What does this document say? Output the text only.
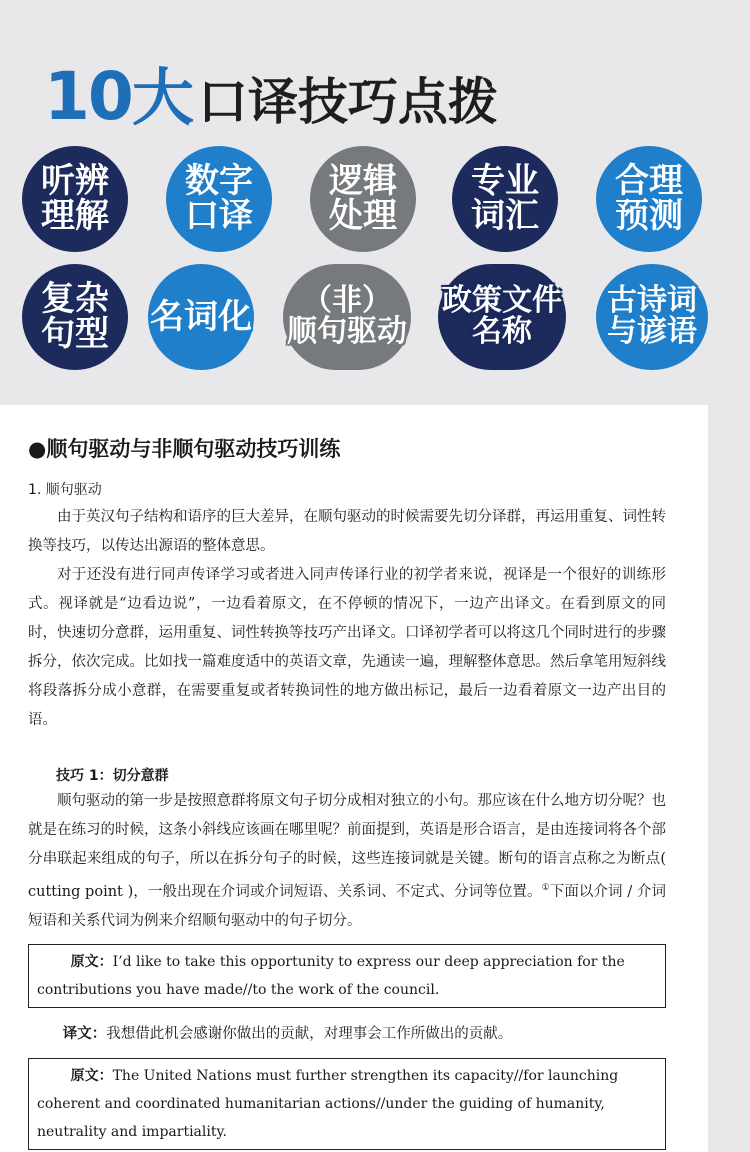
10 大 口译技巧点拨
听辨
理解
数字
口译
逻辑
处理
专业
词汇
合理
预测
复杂
句型 名词化 （非）
顺句驱动
政策文件
名称
古诗词
与谚语
●顺句驱动与非顺句驱动技巧训练
1. 顺句驱动

由于英汉句子结构和语序的巨大差异，在顺句驱动的时候需要先切分译群，再运用重复、词性转换等技巧，以传达出源语的整体意思。

对于还没有进行同声传译学习或者进入同声传译行业的初学者来说，视译是一个很好的训练形式。视译就是“边看边说”，一边看着原文，在不停顿的情况下，一边产出译文。在看到原文的同时，快速切分意群，运用重复、词性转换等技巧产出译文。口译初学者可以将这几个同时进行的步骤拆分，依次完成。比如找一篇难度适中的英语文章，先通读一遍，理解整体意思。然后拿笔用短斜线将段落拆分成小意群，在需要重复或者转换词性的地方做出标记，最后一边看着原文一边产出目的语。

技巧 1：切分意群

顺句驱动的第一步是按照意群将原文句子切分成相对独立的小句。那应该在什么地方切分呢？也就是在练习的时候，这条小斜线应该画在哪里呢？前面提到，英语是形合语言，是由连接词将各个部分串联起来组成的句子，所以在拆分句子的时候，这些连接词就是关键。断句的语言点称之为断点( cutting point )，一般出现在介词或介词短语、关系词、不定式、分词等位置。①下面以介词 / 介词短语和关系代词为例来介绍顺句驱动中的句子切分。

原文：I’d like to take this opportunity to express our deep appreciation for the contributions you have made//to the work of the council.

译文：我想借此机会感谢你做出的贡献，对理事会工作所做出的贡献。

原文：The United Nations must further strengthen its capacity//for launching coherent and coordinated humanitarian actions//under the guiding of humanity, neutrality and impartiality.
